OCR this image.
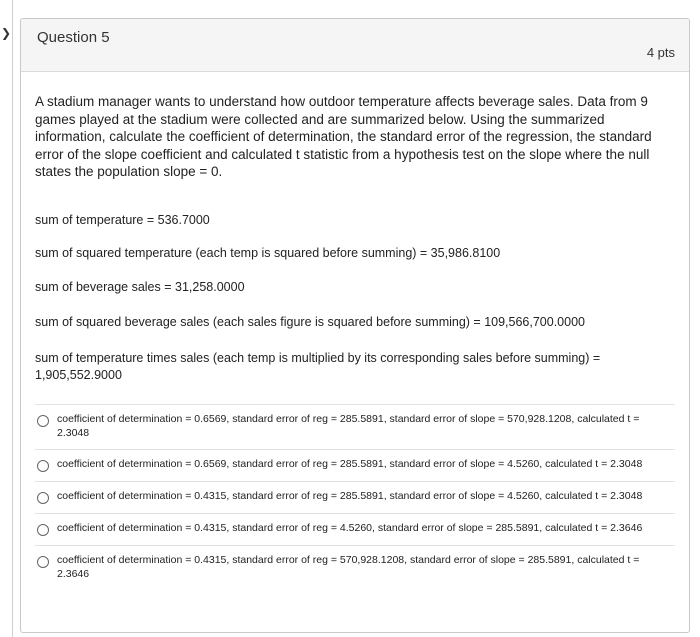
❯ Question 5
4 pts
A stadium manager wants to understand how outdoor temperature affects beverage sales. Data from 9 games played at the stadium were collected and are summarized below. Using the summarized information, calculate the coefficient of determination, the standard error of the regression, the standard error of the slope coefficient and calculated t statistic from a hypothesis test on the slope where the null states the population slope = 0.
sum of temperature = 536.7000
sum of squared temperature (each temp is squared before summing) = 35,986.8100
sum of beverage sales = 31,258.0000
sum of squared beverage sales (each sales figure is squared before summing) = 109,566,700.0000
sum of temperature times sales (each temp is multiplied by its corresponding sales before summing) = 1,905,552.9000
coefficient of determination = 0.6569, standard error of reg = 285.5891, standard error of slope = 570,928.1208, calculated t = 2.3048
coefficient of determination = 0.6569, standard error of reg = 285.5891, standard error of slope = 4.5260, calculated t = 2.3048
coefficient of determination = 0.4315, standard error of reg = 285.5891, standard error of slope = 4.5260, calculated t = 2.3048
coefficient of determination = 0.4315, standard error of reg = 4.5260, standard error of slope = 285.5891, calculated t = 2.3646
coefficient of determination = 0.4315, standard error of reg = 570,928.1208, standard error of slope = 285.5891, calculated t = 2.3646
